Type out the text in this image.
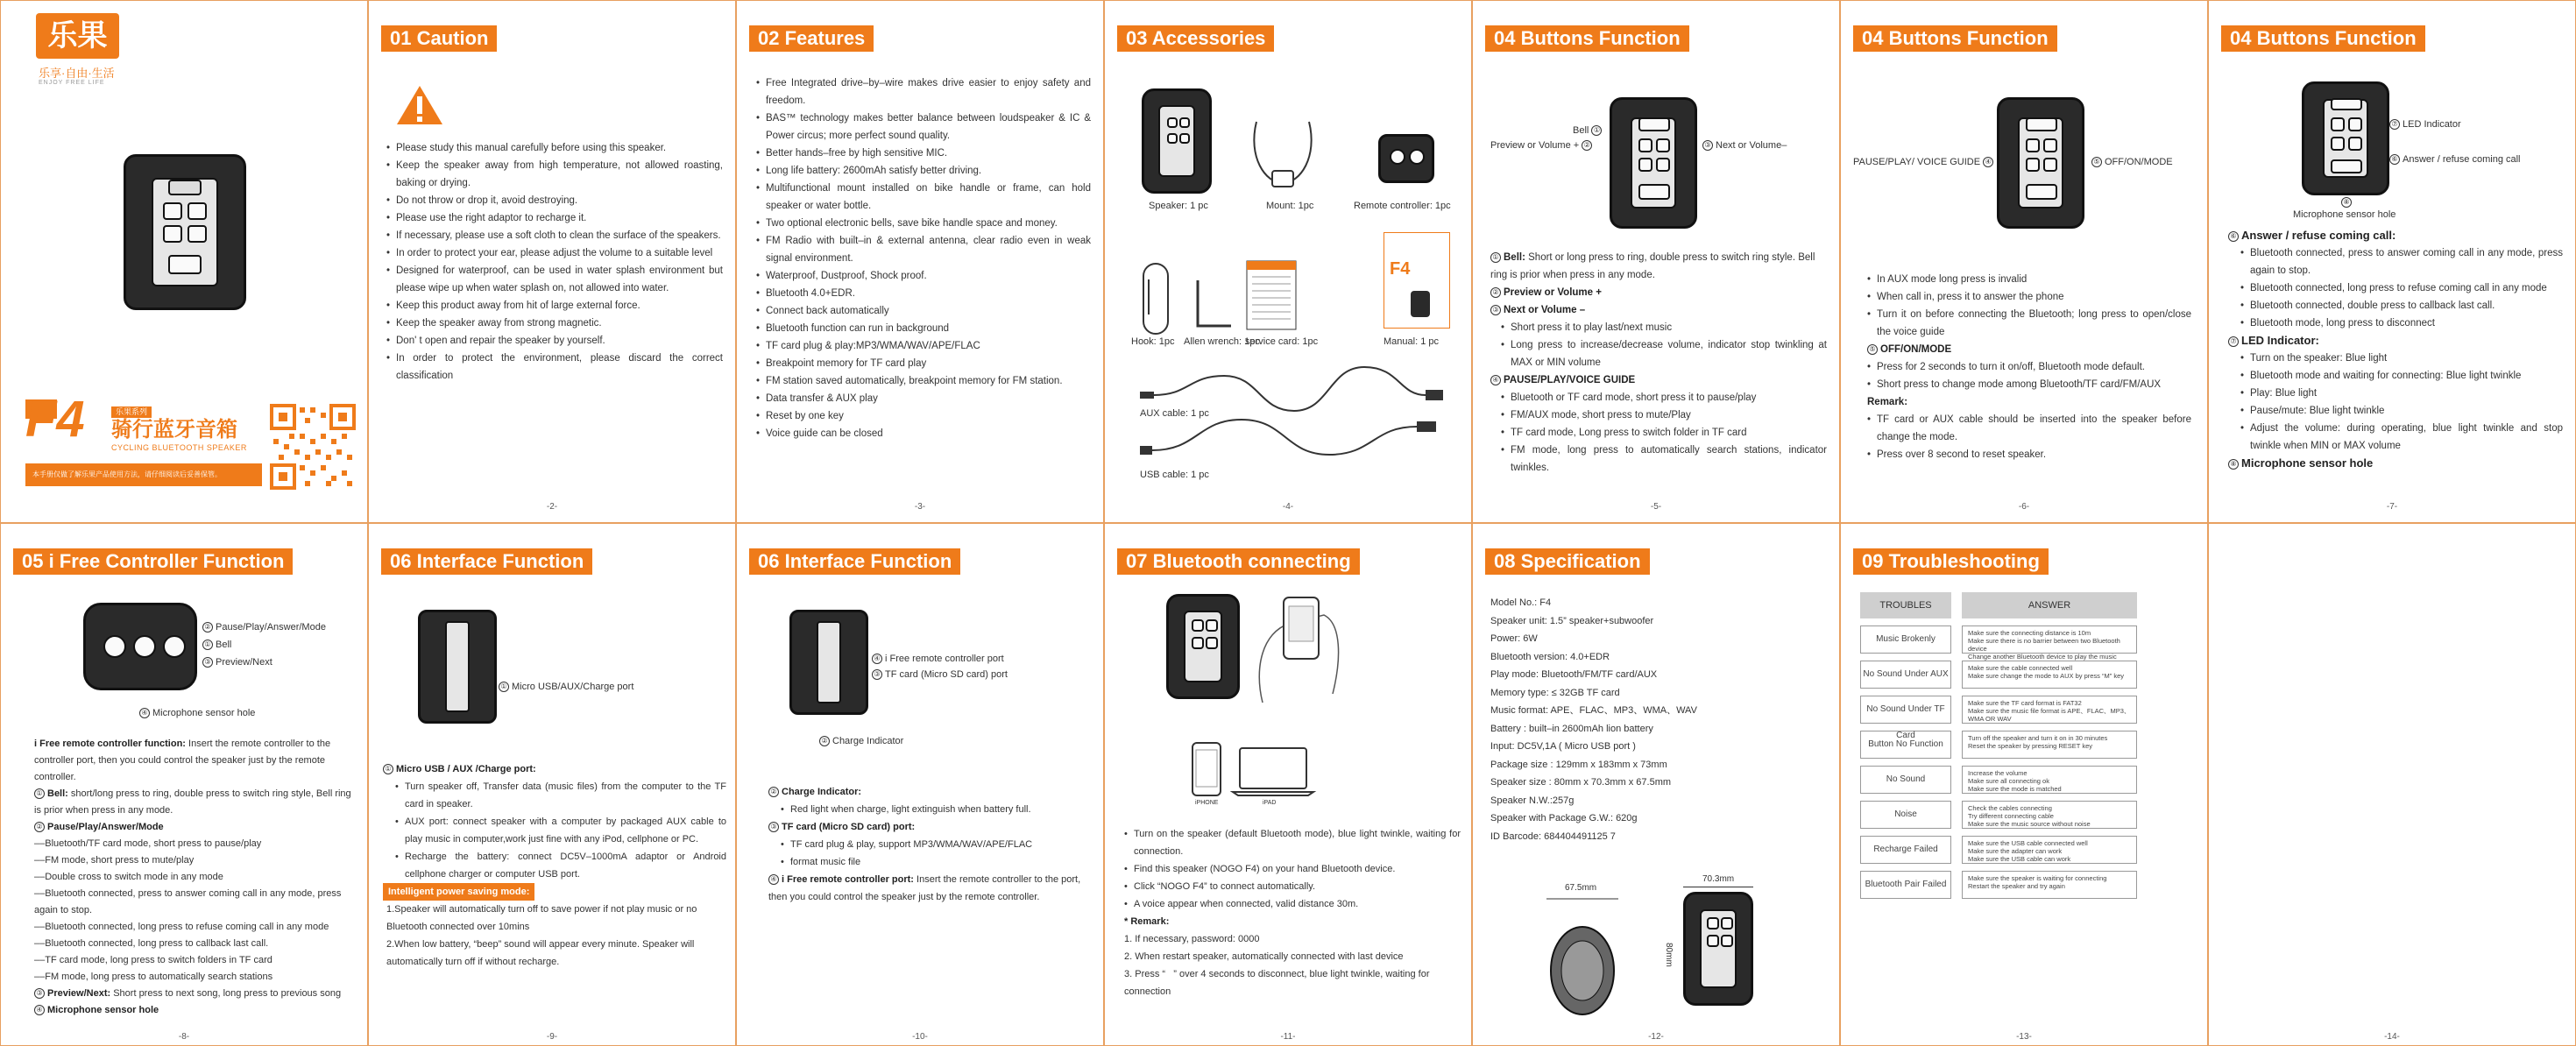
乐果 ®
乐享·自由·生活
ENJOY FREE LIFE
F4	乐果系列
骑行蓝牙音箱
CYCLING BLUETOOTH SPEAKER
本手册仅做了解乐果产品使用方法，请仔细阅读后妥善保管。
01 Caution
• Please study this manual carefully before using this speaker.
• Keep the speaker away from high temperature, not allowed roasting, baking or drying.
• Do not throw or drop it, avoid destroying.
• Please use the right adaptor to recharge it.
• If necessary, please use a soft cloth to clean the surface of the speakers.
• In order to protect your ear, please adjust the volume to a suitable level
• Designed for waterproof, can be used in water splash environment but please wipe up when water splash on, not allowed into water.
• Keep this product away from hit of large external force.
• Keep the speaker away from strong magnetic.
• Don' t open and repair the speaker by yourself.
• In order to protect the environment, please discard the correct classification
-2-
02 Features
• Free Integrated drive–by–wire makes drive easier to enjoy safety and freedom.
• BAS™ technology makes better balance between loudspeaker & IC & Power circus; more perfect sound quality.
• Better hands–free by high sensitive MIC.
• Long life battery: 2600mAh satisfy better driving.
• Multifunctional mount installed on bike handle or frame, can hold speaker or water bottle.
• Two optional electronic bells, save bike handle space and money.
• FM Radio with built–in & external antenna, clear radio even in weak signal environment.
• Waterproof, Dustproof, Shock proof.
• Bluetooth 4.0+EDR.
• Connect back automatically
• Bluetooth function can run in background
• TF card plug & play:MP3/WMA/WAV/APE/FLAC
• Breakpoint memory for TF card play
• FM station saved automatically, breakpoint memory for FM station.
• Data transfer & AUX play
• Reset by one key
• Voice guide can be closed
-3-
03 Accessories
Speaker: 1 pc	Mount: 1pc	Remote controller: 1pc
F4
Hook: 1pc Allen wrench: 1pc
service card: 1pc	Manual: 1 pc
AUX cable: 1 pc
USB cable: 1 pc
-4-
04 Buttons Function
Bell ①
Preview or Volume + ②	③ Next or Volume–
① Bell: Short or long press to ring, double press to switch ring style. Bell ring is prior when press in any mode.
② Preview or Volume +
③ Next or Volume –
• Short press it to play last/next music
• Long press to increase/decrease volume, indicator stop twinkling at MAX or MIN volume
④ PAUSE/PLAY/VOICE GUIDE
• Bluetooth or TF card mode, short press it to pause/play
• FM/AUX mode, short press to mute/Play
• TF card mode, Long press to switch folder in TF card
• FM mode, long press to automatically search stations, indicator twinkles.
-5-
04 Buttons Function
PAUSE/PLAY/ VOICE GUIDE ④	⑤ OFF/ON/MODE
• In AUX mode long press is invalid
• When call in, press it to answer the phone
• Turn it on before connecting the Bluetooth; long press to open/close the voice guide
⑤ OFF/ON/MODE
• Press for 2 seconds to turn it on/off, Bluetooth mode default.
• Short press to change mode among Bluetooth/TF card/FM/AUX
Remark:
• TF card or AUX cable should be inserted into the speaker before change the mode.
• Press over 8 second to reset speaker.
-6-
04 Buttons Function
⑦ LED Indicator
⑥ Answer / refuse coming call
⑧
Microphone sensor hole
⑥ Answer / refuse coming call:
• Bluetooth connected, press to answer coming call in any mode, press again to stop.
• Bluetooth connected, long press to refuse coming call in any mode
• Bluetooth connected, double press to callback last call.
• Bluetooth mode, long press to disconnect
⑦ LED Indicator:
• Turn on the speaker: Blue light
• Bluetooth mode and waiting for connecting: Blue light twinkle
• Play: Blue light
• Pause/mute: Blue light twinkle
• Adjust the volume: during operating, blue light twinkle and stop twinkle when MIN or MAX volume
⑧ Microphone sensor hole
-7-
05 i Free Controller Function
② Pause/Play/Answer/Mode
① Bell
③ Preview/Next
④ Microphone sensor hole
i Free remote controller function: Insert the remote controller to the controller port, then you could control the speaker just by the remote controller.
① Bell: short/long press to ring, double press to switch ring style, Bell ring is prior when press in any mode.
② Pause/Play/Answer/Mode
––Bluetooth/TF card mode, short press to pause/play
––FM mode, short press to mute/play
––Double cross to switch mode in any mode
––Bluetooth connected, press to answer coming call in any mode, press again to stop.
––Bluetooth connected, long press to refuse coming call in any mode
––Bluetooth connected, long press to callback last call.
––TF card mode, long press to switch folders in TF card
––FM mode, long press to automatically search stations
③ Preview/Next: Short press to next song, long press to previous song
④ Microphone sensor hole
-8-
06 Interface Function
① Micro USB/AUX/Charge port
① Micro USB / AUX /Charge port:
• Turn speaker off, Transfer data (music files) from the computer to the TF card in speaker.
• AUX port: connect speaker with a computer by packaged AUX cable to play music in computer,work just fine with any iPod, cellphone or PC.
• Recharge the battery: connect DC5V–1000mA adaptor or Android cellphone charger or computer USB port.
Intelligent power saving mode:
1.Speaker will automatically turn off to save power if not play music or no Bluetooth connected over 10mins
2.When low battery, “beep” sound will appear every minute. Speaker will automatically turn off if without recharge.
-9-
06 Interface Function
④ i Free remote controller port
③ TF card (Micro SD card) port
② Charge Indicator
② Charge Indicator:
• Red light when charge, light extinguish when battery full.
③ TF card (Micro SD card) port:
• TF card plug & play, support MP3/WMA/WAV/APE/FLAC
• format music file
④ i Free remote controller port: Insert the remote controller to the port, then you could control the speaker just by the remote controller.
-10-
07 Bluetooth connecting
iPHONE	iPAD
• Turn on the speaker (default Bluetooth mode), blue light twinkle, waiting for connection.
• Find this speaker (NOGO F4) on your hand Bluetooth device.
• Click “NOGO F4” to connect automatically.
• A voice appear when connected, valid distance 30m.
* Remark:
1. If necessary, password: 0000
2. When restart speaker, automatically connected with last device
3. Press “   ” over 4 seconds to disconnect, blue light twinkle, waiting for connection
-11-
08 Specification
Model No.: F4
Speaker unit: 1.5” speaker+subwoofer
Power: 6W
Bluetooth version: 4.0+EDR
Play mode: Bluetooth/FM/TF card/AUX
Memory type: ≤ 32GB TF card
Music format: APE、FLAC、MP3、WMA、WAV
Battery : built–in 2600mAh lion battery
Input: DC5V,1A ( Micro USB port )
Package size : 129mm x 183mm x 73mm
Speaker size : 80mm x 70.3mm x 67.5mm
Speaker N.W.:257g
Speaker with Package G.W.: 620g
ID Barcode: 684404491125 7
67.5mm
70.3mm
80mm
-12-
09 Troubleshooting
TROUBLES	ANSWER

Music Brokenly	Make sure the connecting distance is 10m
Make sure there is no barrier between two Bluetooth device
Change another Bluetooth device to play the music

No Sound Under AUX	Make sure the cable connected well
Make sure change the mode to AUX by press “M” key

No Sound Under TF Card	Make sure the TF card format is FAT32
Make sure the music file format is APE、FLAC、MP3、WMA OR WAV

Button No Function	Turn off the speaker and turn it on in 30 minutes
Reset the speaker by pressing RESET key

No Sound	Increase the volume
Make sure all connecting ok
Make sure the mode is matched

Noise	Check the cables connecting
Try different connecting cable
Make sure the music source without noise

Recharge Failed	Make sure the USB cable connected well
Make sure the adapter can work
Make sure the USB cable can work

Bluetooth Pair Failed	Make sure the speaker is waiting for connecting
Restart the speaker and try again
-13-	-14-
